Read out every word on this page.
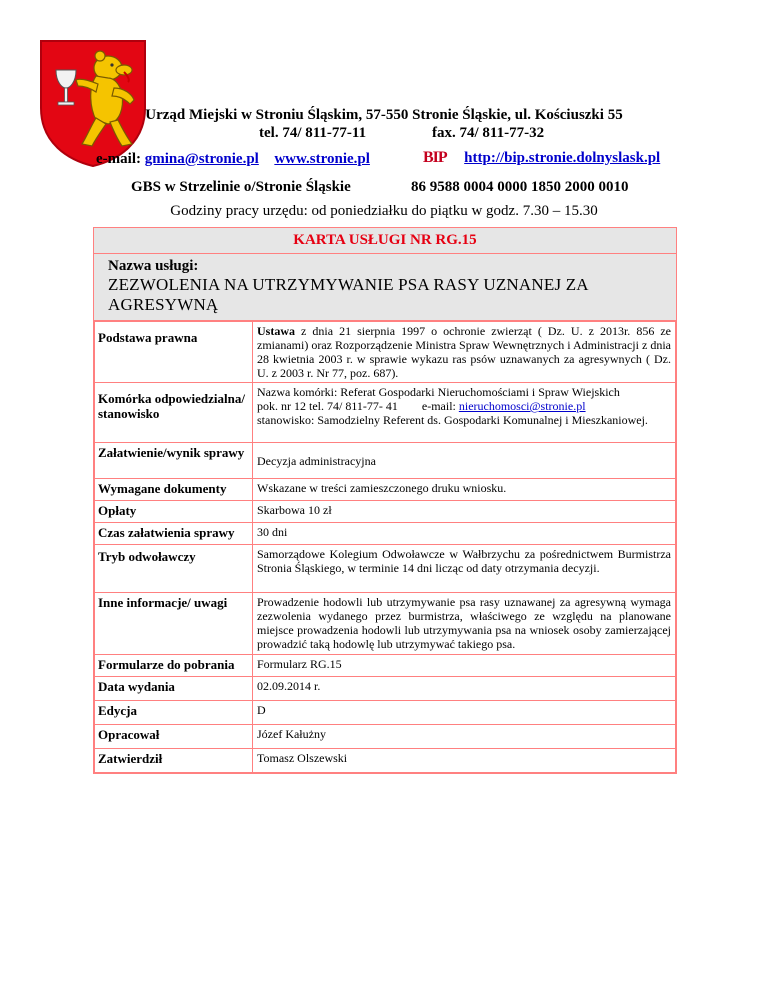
Urząd Miejski w Stroniu Śląskim, 57-550 Stronie Śląskie, ul. Kościuszki 55
tel. 74/ 811-77-11	fax. 74/ 811-77-32
e-mail: gmina@stronie.pl www.stronie.pl	BIP http://bip.stronie.dolnyslask.pl
GBS w Strzelinie o/Stronie Śląskie	86 9588 0004 0000 1850 2000 0010
Godziny pracy urzędu: od poniedziałku do piątku w godz. 7.30 – 15.30
KARTA USŁUGI NR RG.15
Nazwa usługi:
ZEZWOLENIA NA UTRZYMYWANIE PSA RASY UZNANEJ ZA AGRESYWNĄ
Podstawa prawna	Ustawa z dnia 21 sierpnia 1997 o ochronie zwierząt ( Dz. U. z 2013r. 856 ze zmianami) oraz Rozporządzenie Ministra Spraw Wewnętrznych i Administracji z dnia 28 kwietnia 2003 r. w sprawie wykazu ras psów uznawanych za agresywnych ( Dz. U. z 2003 r. Nr 77, poz. 687).
Komórka odpowiedzialna/ stanowisko	Nazwa komórki: Referat Gospodarki Nieruchomościami i Spraw Wiejskich
pok. nr 12 tel. 74/ 811-77- 41 e-mail: nieruchomosci@stronie.pl
stanowisko: Samodzielny Referent ds. Gospodarki Komunalnej i Mieszkaniowej.

Załatwienie/wynik sprawy	Decyzja administracyjna
Wymagane dokumenty	Wskazane w treści zamieszczonego druku wniosku.
Opłaty	Skarbowa 10 zł
Czas załatwienia sprawy	30 dni
Tryb odwoławczy	Samorządowe Kolegium Odwoławcze w Wałbrzychu za pośrednictwem Burmistrza Stronia Śląskiego, w terminie 14 dni licząc od daty otrzymania decyzji.
Inne informacje/ uwagi	Prowadzenie hodowli lub utrzymywanie psa rasy uznawanej za agresywną wymaga zezwolenia wydanego przez burmistrza, właściwego ze względu na planowane miejsce prowadzenia hodowli lub utrzymywania psa na wniosek osoby zamierzającej prowadzić taką hodowlę lub utrzymywać takiego psa.
Formularze do pobrania	Formularz RG.15
Data wydania	02.09.2014 r.
Edycja	D
Opracował	Józef Kałużny
Zatwierdził	Tomasz Olszewski
